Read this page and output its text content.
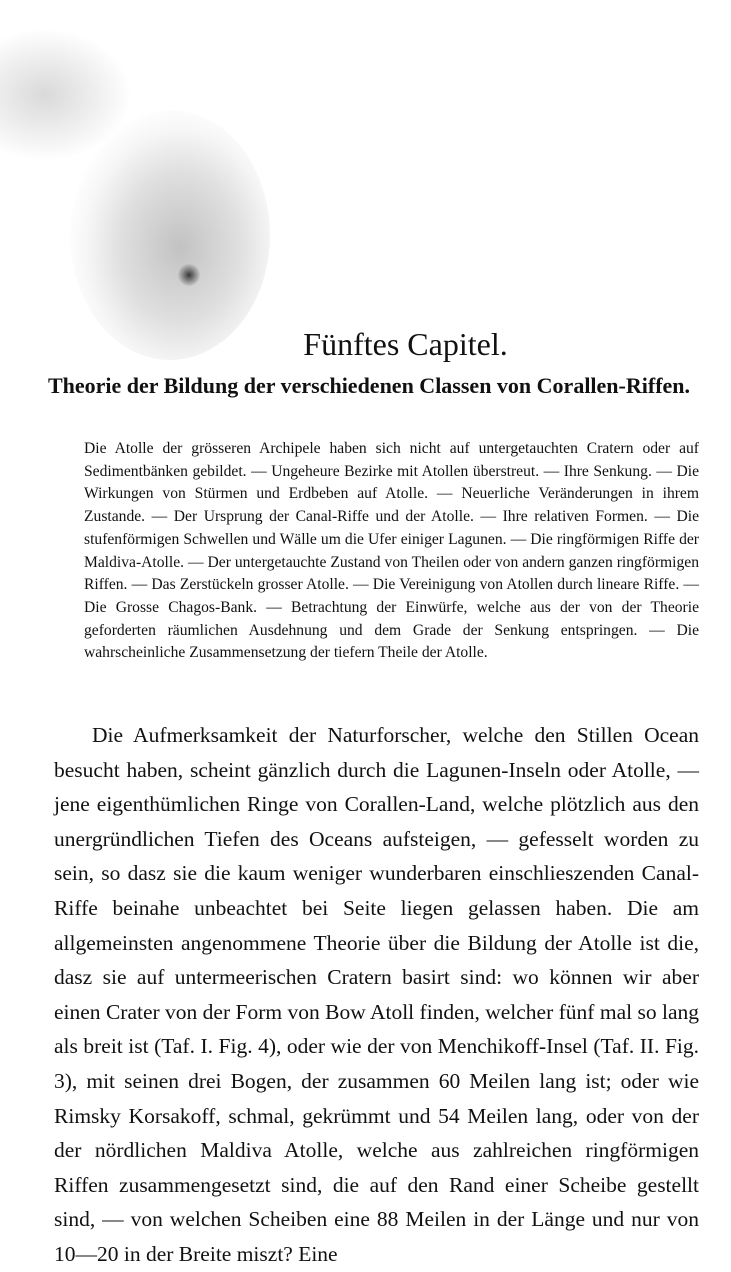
Fünftes Capitel.
Theorie der Bildung der verschiedenen Classen von Corallen-Riffen.

Die Atolle der grösseren Archipele haben sich nicht auf untergetauchten Cratern oder auf Sedimentbänken gebildet. — Ungeheure Bezirke mit Atollen überstreut. — Ihre Senkung. — Die Wirkungen von Stürmen und Erdbeben auf Atolle. — Neuerliche Veränderungen in ihrem Zustande. — Der Ursprung der Canal-Riffe und der Atolle. — Ihre relativen Formen. — Die stufenförmigen Schwellen und Wälle um die Ufer einiger Lagunen. — Die ringförmigen Riffe der Maldiva-Atolle. — Der untergetauchte Zustand von Theilen oder von andern ganzen ringförmigen Riffen. — Das Zerstückeln grosser Atolle. — Die Vereinigung von Atollen durch lineare Riffe. — Die Grosse Chagos-Bank. — Betrachtung der Einwürfe, welche aus der von der Theorie geforderten räumlichen Ausdehnung und dem Grade der Senkung entspringen. — Die wahrscheinliche Zusammensetzung der tiefern Theile der Atolle.

Die Aufmerksamkeit der Naturforscher, welche den Stillen Ocean besucht haben, scheint gänzlich durch die Lagunen-Inseln oder Atolle, — jene eigenthümlichen Ringe von Corallen-Land, welche plötzlich aus den unergründlichen Tiefen des Oceans aufsteigen, — gefesselt worden zu sein, so dasz sie die kaum weniger wunderbaren einschlieszenden Canal-Riffe beinahe unbeachtet bei Seite liegen gelassen haben. Die am allgemeinsten angenommene Theorie über die Bildung der Atolle ist die, dasz sie auf untermeerischen Cratern basirt sind: wo können wir aber einen Crater von der Form von Bow Atoll finden, welcher fünf mal so lang als breit ist (Taf. I. Fig. 4), oder wie der von Menchikoff-Insel (Taf. II. Fig. 3), mit seinen drei Bogen, der zusammen 60 Meilen lang ist; oder wie Rimsky Korsakoff, schmal, gekrümmt und 54 Meilen lang, oder von der der nördlichen Maldiva Atolle, welche aus zahlreichen ringförmigen Riffen zusammengesetzt sind, die auf den Rand einer Scheibe gestellt sind, — von welchen Scheiben eine 88 Meilen in der Länge und nur von 10—20 in der Breite miszt? Eine
